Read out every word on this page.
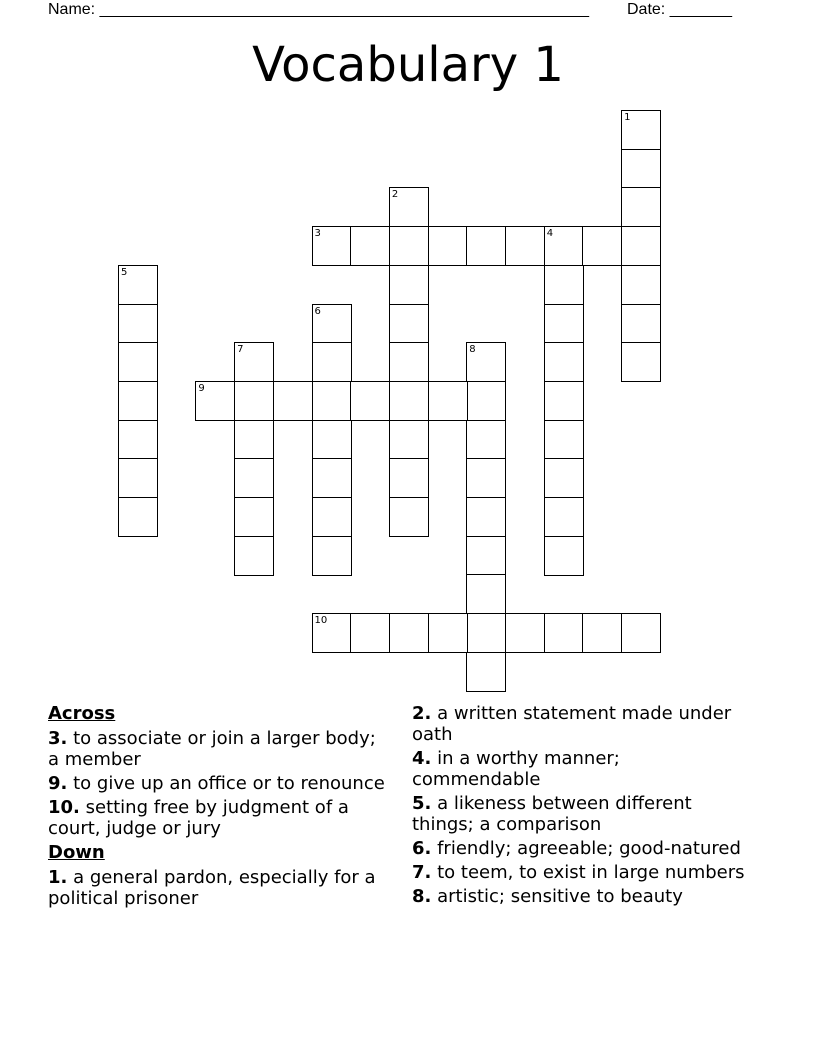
Name: _______________________________________________________ Date: _______
Vocabulary 1
1
2
3	4
5
6
7	8
9
10
Across
3. to associate or join a larger body; a member
9. to give up an office or to renounce
10. setting free by judgment of a court, judge or jury
Down
1. a general pardon, especially for a political prisoner
2. a written statement made under oath
4. in a worthy manner; commendable
5. a likeness between different things; a comparison
6. friendly; agreeable; good-natured
7. to teem, to exist in large numbers
8. artistic; sensitive to beauty
